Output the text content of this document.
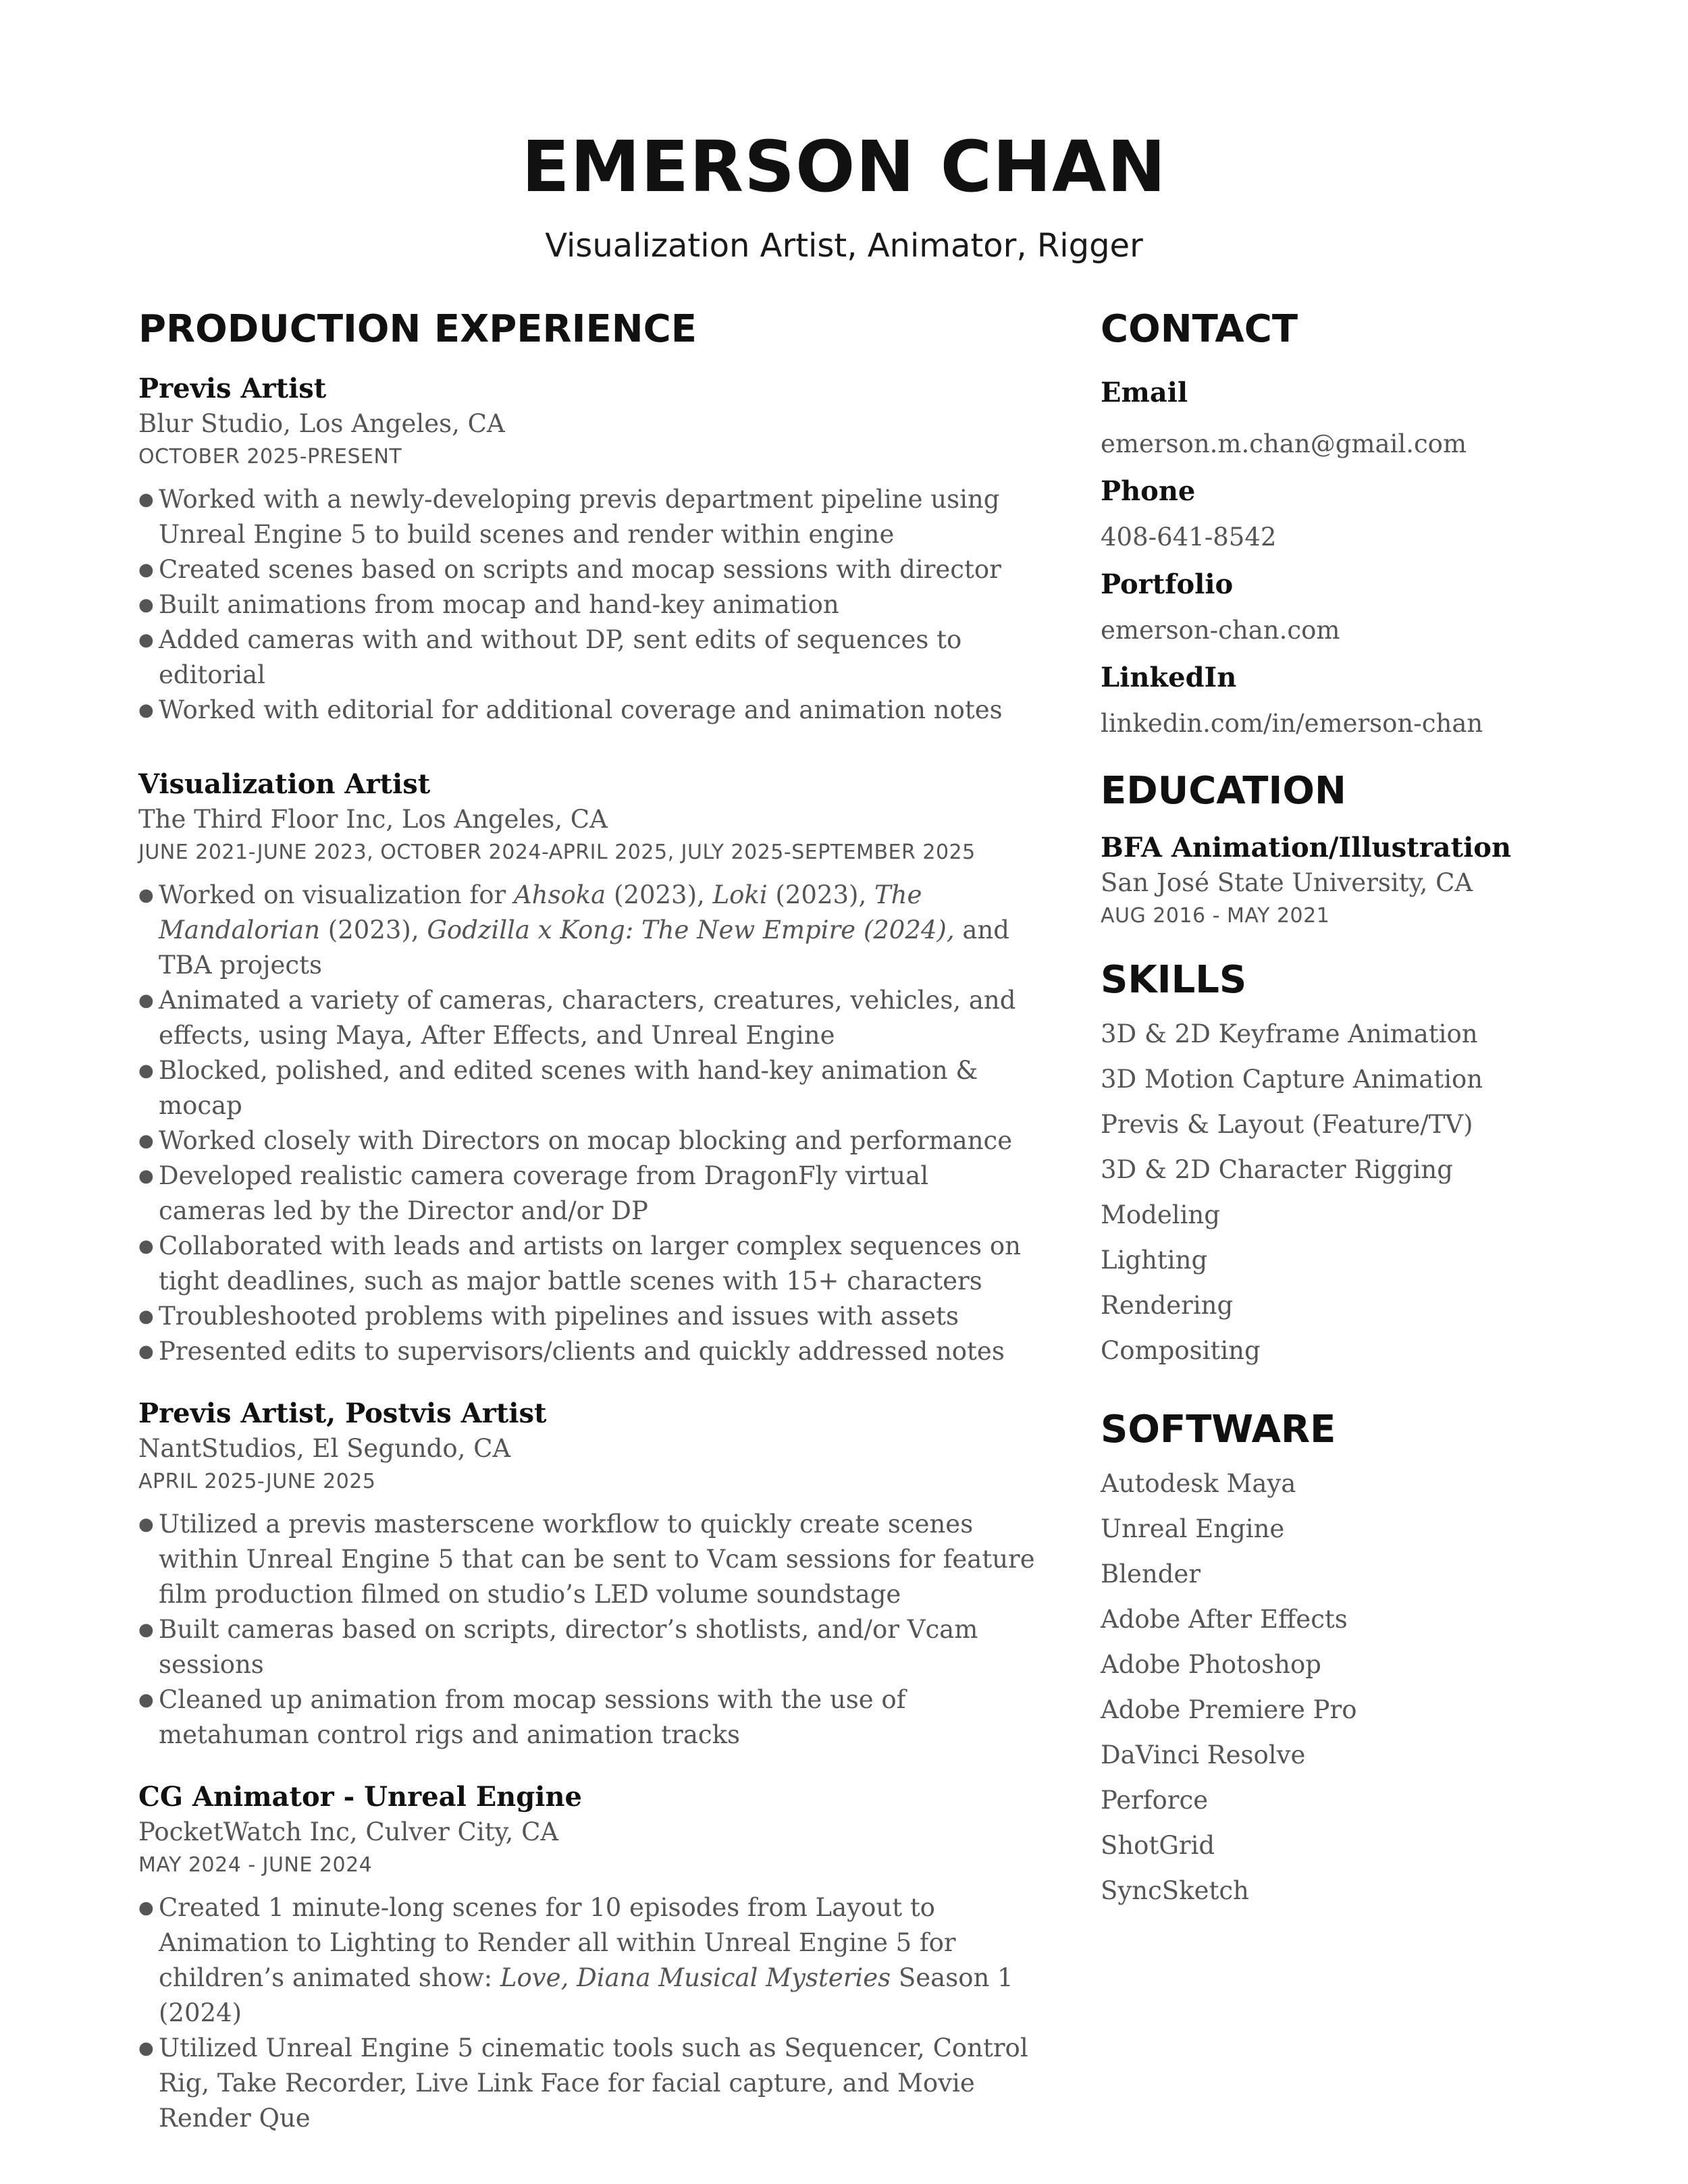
EMERSON CHAN
Visualization Artist, Animator, Rigger
PRODUCTION EXPERIENCE
Previs Artist
Blur Studio, Los Angeles, CA
OCTOBER 2025-PRESENT
● Worked with a newly-developing previs department pipeline using Unreal Engine 5 to build scenes and render within engine
● Created scenes based on scripts and mocap sessions with director
● Built animations from mocap and hand-key animation
● Added cameras with and without DP, sent edits of sequences to editorial
● Worked with editorial for additional coverage and animation notes
Visualization Artist
The Third Floor Inc, Los Angeles, CA
JUNE 2021-JUNE 2023, OCTOBER 2024-APRIL 2025, JULY 2025-SEPTEMBER 2025
● Worked on visualization for Ahsoka (2023), Loki (2023), The Mandalorian (2023), Godzilla x Kong: The New Empire (2024), and TBA projects
● Animated a variety of cameras, characters, creatures, vehicles, and effects, using Maya, After Effects, and Unreal Engine
● Blocked, polished, and edited scenes with hand-key animation & mocap
● Worked closely with Directors on mocap blocking and performance
● Developed realistic camera coverage from DragonFly virtual cameras led by the Director and/or DP
● Collaborated with leads and artists on larger complex sequences on tight deadlines, such as major battle scenes with 15+ characters
● Troubleshooted problems with pipelines and issues with assets
● Presented edits to supervisors/clients and quickly addressed notes
Previs Artist, Postvis Artist
NantStudios, El Segundo, CA
APRIL 2025-JUNE 2025
● Utilized a previs masterscene workflow to quickly create scenes within Unreal Engine 5 that can be sent to Vcam sessions for feature film production filmed on studio’s LED volume soundstage
● Built cameras based on scripts, director’s shotlists, and/or Vcam sessions
● Cleaned up animation from mocap sessions with the use of metahuman control rigs and animation tracks
CG Animator - Unreal Engine
PocketWatch Inc, Culver City, CA
MAY 2024 - JUNE 2024
● Created 1 minute-long scenes for 10 episodes from Layout to Animation to Lighting to Render all within Unreal Engine 5 for children’s animated show: Love, Diana Musical Mysteries Season 1 (2024)
● Utilized Unreal Engine 5 cinematic tools such as Sequencer, Control Rig, Take Recorder, Live Link Face for facial capture, and Movie Render Que
CONTACT
Email
emerson.m.chan@gmail.com
Phone
408-641-8542
Portfolio
emerson-chan.com
LinkedIn
linkedin.com/in/emerson-chan
EDUCATION
BFA Animation/Illustration
San José State University, CA
AUG 2016 - MAY 2021
SKILLS
3D & 2D Keyframe Animation
3D Motion Capture Animation
Previs & Layout (Feature/TV)
3D & 2D Character Rigging
Modeling
Lighting
Rendering
Compositing
SOFTWARE
Autodesk Maya
Unreal Engine
Blender
Adobe After Effects
Adobe Photoshop
Adobe Premiere Pro
DaVinci Resolve
Perforce
ShotGrid
SyncSketch
